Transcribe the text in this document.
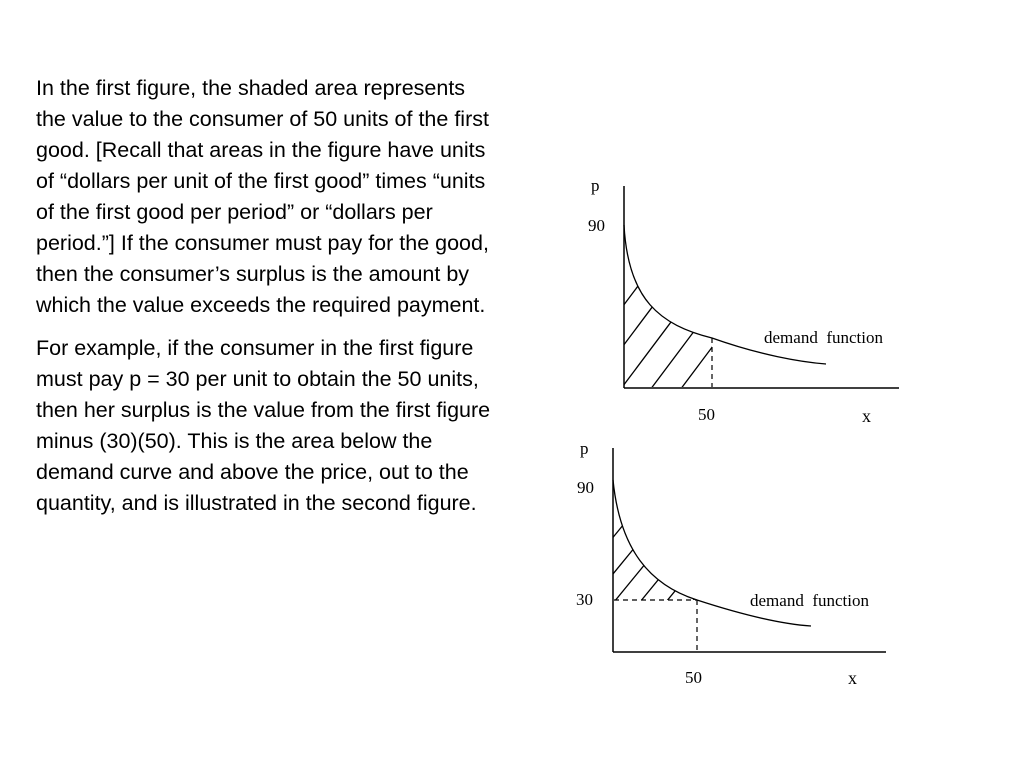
In the first figure, the shaded area represents the value to the consumer of 50 units of the first good. [Recall that areas in the figure have units of “dollars per unit of the first good” times “units of the first good per period” or “dollars per period.”] If the consumer must pay for the good, then the consumer’s surplus is the amount by which the value exceeds the required payment.

For example, if the consumer in the first figure must pay p = 30 per unit to obtain the 50 units, then her surplus is the value from the first figure minus (30)(50). This is the area below the demand curve and above the price, out to the quantity, and is illustrated in the second figure.

p
90
50	x
demand  function
p
90
30
50	x
demand  function
